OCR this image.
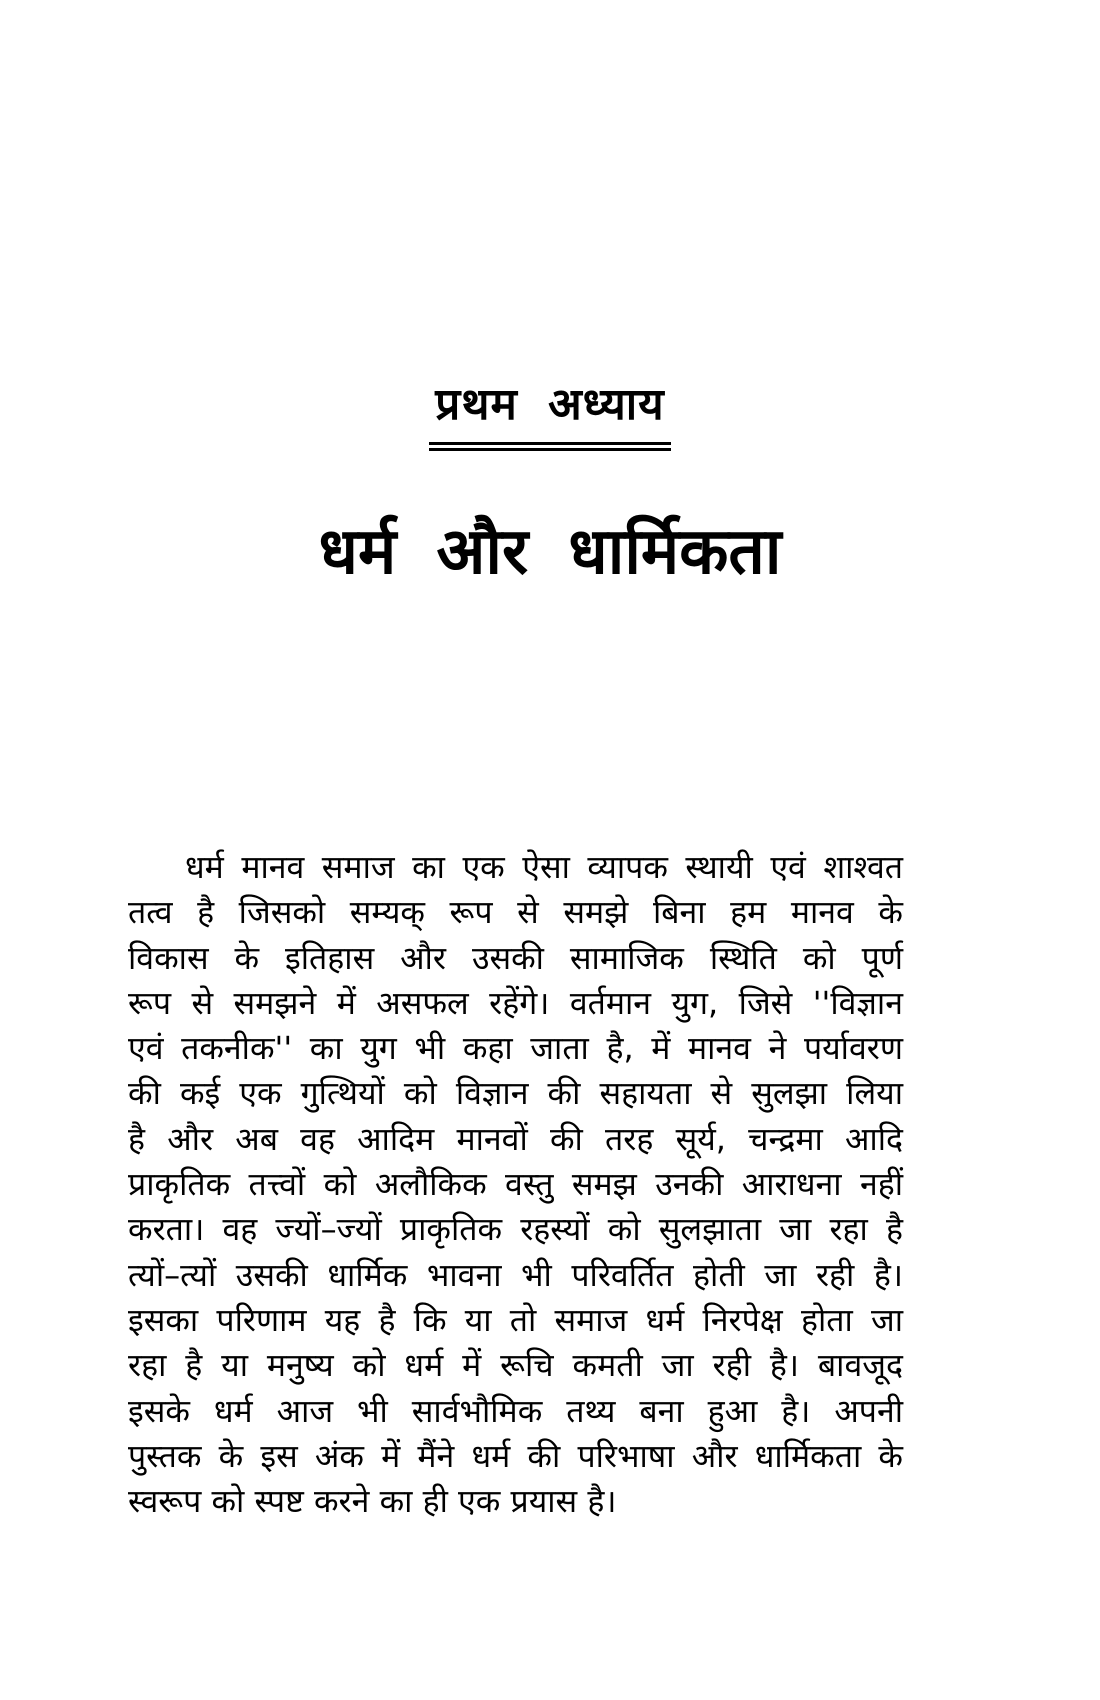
प्रथम अध्याय
धर्म और धार्मिकता
धर्म मानव समाज का एक ऐसा व्यापक स्थायी एवं शाश्वत
तत्व है जिसको सम्यक् रूप से समझे बिना हम मानव के
विकास के इतिहास और उसकी सामाजिक स्थिति को पूर्ण
रूप से समझने में असफल रहेंगे। वर्तमान युग, जिसे ''विज्ञान
एवं तकनीक'' का युग भी कहा जाता है, में मानव ने पर्यावरण
की कई एक गुत्थियों को विज्ञान की सहायता से सुलझा लिया
है और अब वह आदिम मानवों की तरह सूर्य, चन्द्रमा आदि
प्राकृतिक तत्त्वों को अलौकिक वस्तु समझ उनकी आराधना नहीं
करता। वह ज्यों–ज्यों प्राकृतिक रहस्यों को सुलझाता जा रहा है
त्यों–त्यों उसकी धार्मिक भावना भी परिवर्तित होती जा रही है।
इसका परिणाम यह है कि या तो समाज धर्म निरपेक्ष होता जा
रहा है या मनुष्य को धर्म में रूचि कमती जा रही है। बावजूद
इसके धर्म आज भी सार्वभौमिक तथ्य बना हुआ है। अपनी
पुस्तक के इस अंक में मैंने धर्म की परिभाषा और धार्मिकता के
स्वरूप को स्पष्ट करने का ही एक प्रयास है।
